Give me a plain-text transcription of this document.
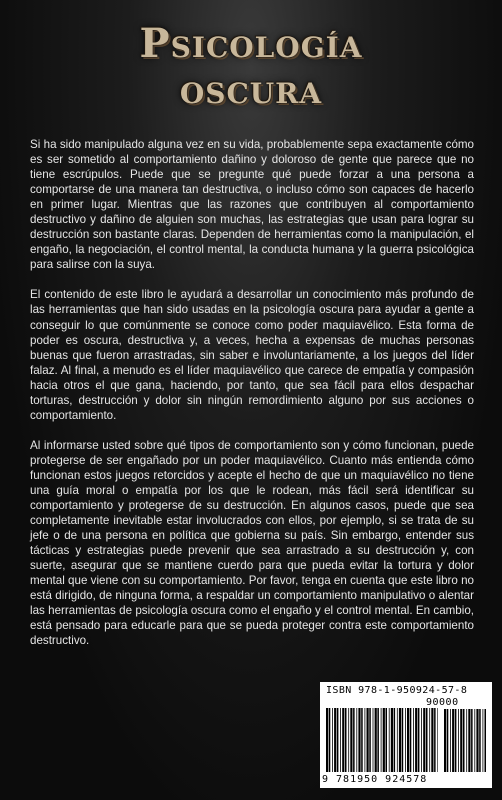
Psicología
oscura

Si ha sido manipulado alguna vez en su vida, probablemente sepa exactamente cómo es ser sometido al comportamiento dañino y doloroso de gente que parece que no tiene escrúpulos. Puede que se pregunte qué puede forzar a una persona a comportarse de una manera tan destructiva, o incluso cómo son capaces de hacerlo en primer lugar. Mientras que las razones que contribuyen al comportamiento destructivo y dañino de alguien son muchas, las estrategias que usan para lograr su destrucción son bastante claras. Dependen de herramientas como la manipulación, el engaño, la negociación, el control mental, la conducta humana y la guerra psicológica para salirse con la suya.

El contenido de este libro le ayudará a desarrollar un conocimiento más profundo de las herramientas que han sido usadas en la psicología oscura para ayudar a gente a conseguir lo que comúnmente se conoce como poder maquiavélico. Esta forma de poder es oscura, destructiva y, a veces, hecha a expensas de muchas personas buenas que fueron arrastradas, sin saber e involuntariamente, a los juegos del líder falaz. Al final, a menudo es el líder maquiavélico que carece de empatía y compasión hacia otros el que gana, haciendo, por tanto, que sea fácil para ellos despachar torturas, destrucción y dolor sin ningún remordimiento alguno por sus acciones o comportamiento.

Al informarse usted sobre qué tipos de comportamiento son y cómo funcionan, puede protegerse de ser engañado por un poder maquiavélico. Cuanto más entienda cómo funcionan estos juegos retorcidos y acepte el hecho de que un maquiavélico no tiene una guía moral o empatía por los que le rodean, más fácil será identificar su comportamiento y protegerse de su destrucción. En algunos casos, puede que sea completamente inevitable estar involucrados con ellos, por ejemplo, si se trata de su jefe o de una persona en política que gobierna su país. Sin embargo, entender sus tácticas y estrategias puede prevenir que sea arrastrado a su destrucción y, con suerte, asegurar que se mantiene cuerdo para que pueda evitar la tortura y dolor mental que viene con su comportamiento. Por favor, tenga en cuenta que este libro no está dirigido, de ninguna forma, a respaldar un comportamiento manipulativo o alentar las herramientas de psicología oscura como el engaño y el control mental. En cambio, está pensado para educarle para que se pueda proteger contra este comportamiento destructivo.

ISBN 978-1-950924-57-8
90000
9 781950 924578
